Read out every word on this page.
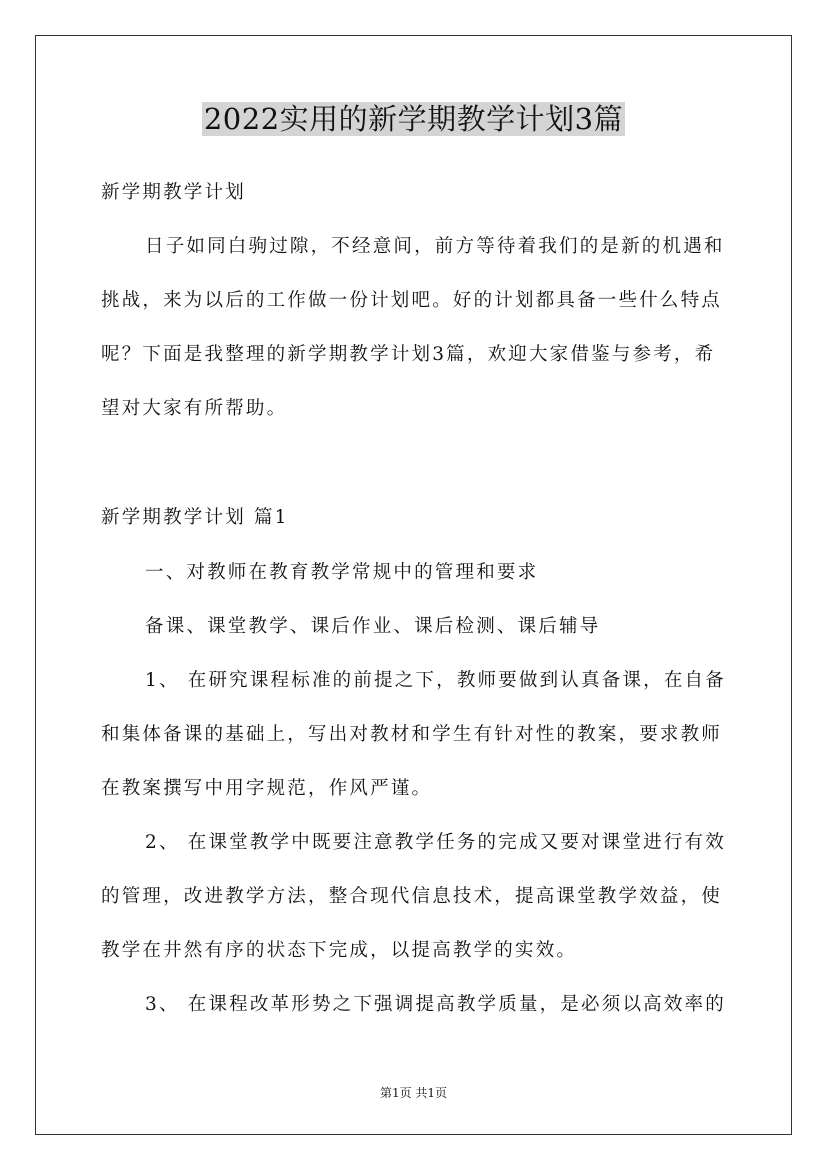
2022实用的新学期教学计划3篇
新学期教学计划
日子如同白驹过隙，不经意间，前方等待着我们的是新的机遇和
挑战，来为以后的工作做一份计划吧。好的计划都具备一些什么特点
呢？下面是我整理的新学期教学计划3篇，欢迎大家借鉴与参考，希
望对大家有所帮助。
新学期教学计划 篇1
一、对教师在教育教学常规中的管理和要求
备课、课堂教学、课后作业、课后检测、课后辅导
1、 在研究课程标准的前提之下，教师要做到认真备课，在自备
和集体备课的基础上，写出对教材和学生有针对性的教案，要求教师
在教案撰写中用字规范，作风严谨。
2、 在课堂教学中既要注意教学任务的完成又要对课堂进行有效
的管理，改进教学方法，整合现代信息技术，提高课堂教学效益，使
教学在井然有序的状态下完成，以提高教学的实效。
3、 在课程改革形势之下强调提高教学质量，是必须以高效率的
第1页 共1页
